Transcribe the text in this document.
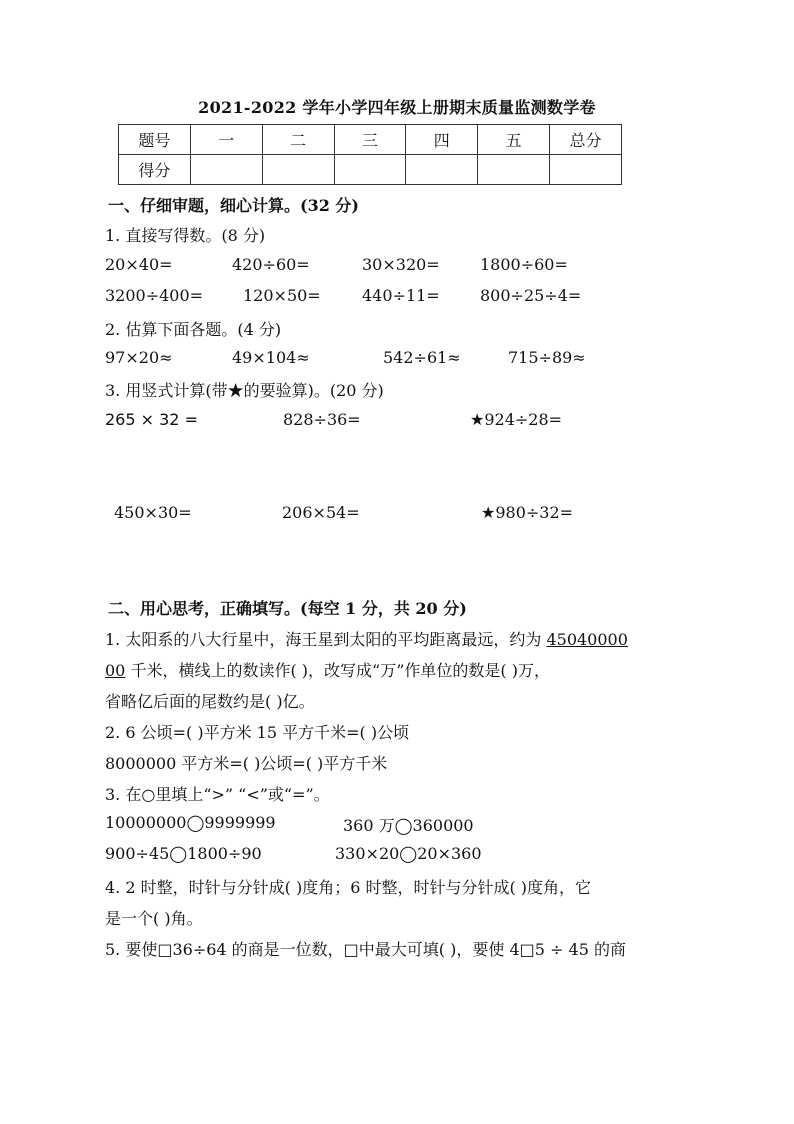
2021-2022 学年小学四年级上册期末质量监测数学卷
题号	一	二	三	四	五	总分
得分						
一、仔细审题，细心计算。(32 分)
1. 直接写得数。(8 分)
20×40=	420÷60=	30×320=	1800÷60=
3200÷400= 120×50=	440÷11=	800÷25÷4=
2. 估算下面各题。(4 分)
97×20≈	49×104≈	542÷61≈	715÷89≈
3. 用竖式计算(带★的要验算)。(20 分)
265 × 32 =	828÷36=	★924÷28=
450×30=	206×54=	★980÷32=
二、用心思考，正确填写。(每空 1 分，共 20 分)
1. 太阳系的八大行星中，海王星到太阳的平均距离最远，约为 45040000
00 千米，横线上的数读作( )，改写成“万”作单位的数是( )万，
省略亿后面的尾数约是( )亿。
2. 6 公顷=( )平方米 15 平方千米=( )公顷
8000000 平方米=( )公顷=( )平方千米
3. 在○里填上“>” “<”或“=”。
10000000◯9999999	360 万◯360000
900÷45◯1800÷90	330×20◯20×360
4. 2 时整，时针与分针成( )度角；6 时整，时针与分针成( )度角，它
是一个( )角。
5. 要使□36÷64 的商是一位数，□中最大可填( )，要使 4□5 ÷ 45 的商
